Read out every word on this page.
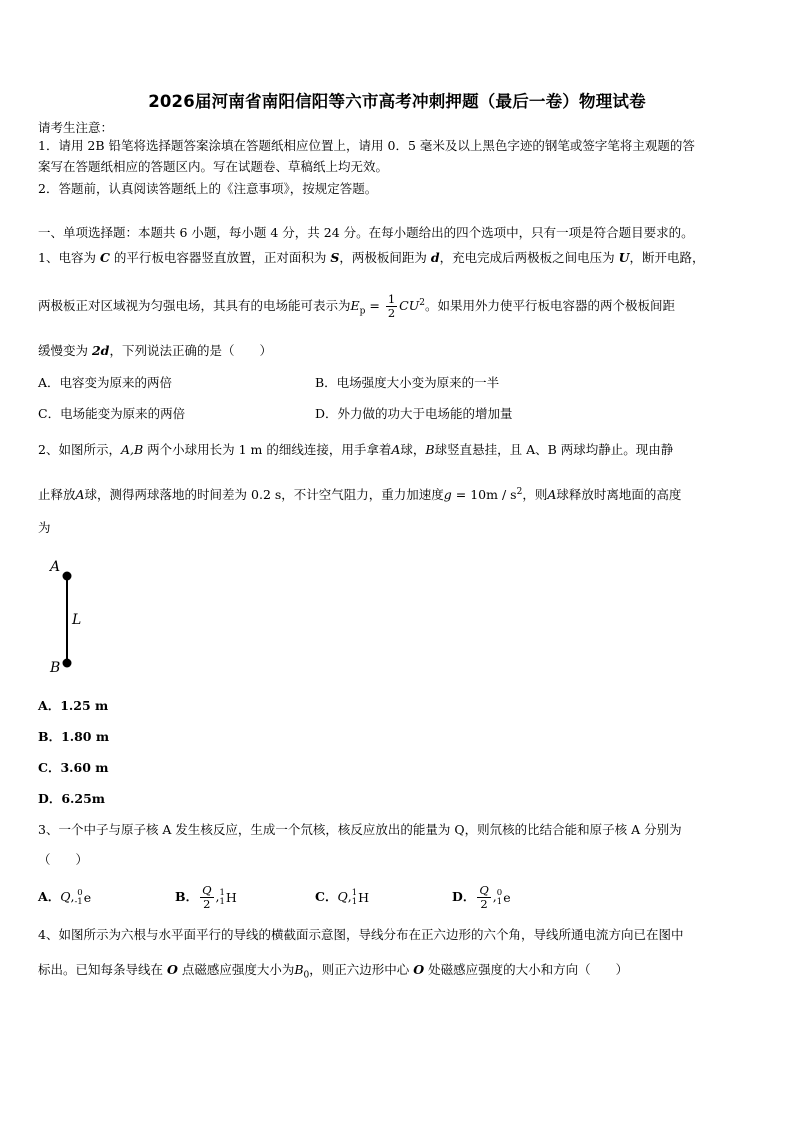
2026届河南省南阳信阳等六市高考冲刺押题（最后一卷）物理试卷
请考生注意：
1．请用 2B 铅笔将选择题答案涂填在答题纸相应位置上，请用 0．5 毫米及以上黑色字迹的钢笔或签字笔将主观题的答
案写在答题纸相应的答题区内。写在试题卷、草稿纸上均无效。
2．答题前，认真阅读答题纸上的《注意事项》，按规定答题。
一、单项选择题：本题共 6 小题，每小题 4 分，共 24 分。在每小题给出的四个选项中，只有一项是符合题目要求的。
1、电容为 C 的平行板电容器竖直放置，正对面积为 S，两极板间距为 d，充电完成后两极板之间电压为 U，断开电路，
两极板正对区域视为匀强电场，其具有的电场能可表示为$E_p = \frac{1}{2} CU^2$。如果用外力使平行板电容器的两个极板间距
缓慢变为 2d，下列说法正确的是（　　）
A．电容变为原来的两倍	B．电场强度大小变为原来的一半
C．电场能变为原来的两倍	D．外力做的功大于电场能的增加量
2、如图所示，A,B 两个小球用长为 1 m 的细线连接，用手拿着A球，B球竖直悬挂，且 A、B 两球均静止。现由静
止释放A球，测得两球落地的时间差为 0.2 s，不计空气阻力，重力加速度$g = 10m / s^2$，则A球释放时离地面的高度
为
A
L
B
A．1.25 m
B．1.80 m
C．3.60 m
D．6.25m
3、一个中子与原子核 A 发生核反应，生成一个氘核，核反应放出的能量为 Q，则氘核的比结合能和原子核 A 分别为
（　　）
A．Q, 0
-1 e	B． $\frac{Q}{2}$ , 1
1 H	C．Q, 1
1 H	D． $\frac{Q}{2}$ , 0
1 e
4、如图所示为六根与水平面平行的导线的横截面示意图，导线分布在正六边形的六个角，导线所通电流方向已在图中
标出。已知每条导线在 O 点磁感应强度大小为$B_0$，则正六边形中心 O 处磁感应强度的大小和方向（　　）
